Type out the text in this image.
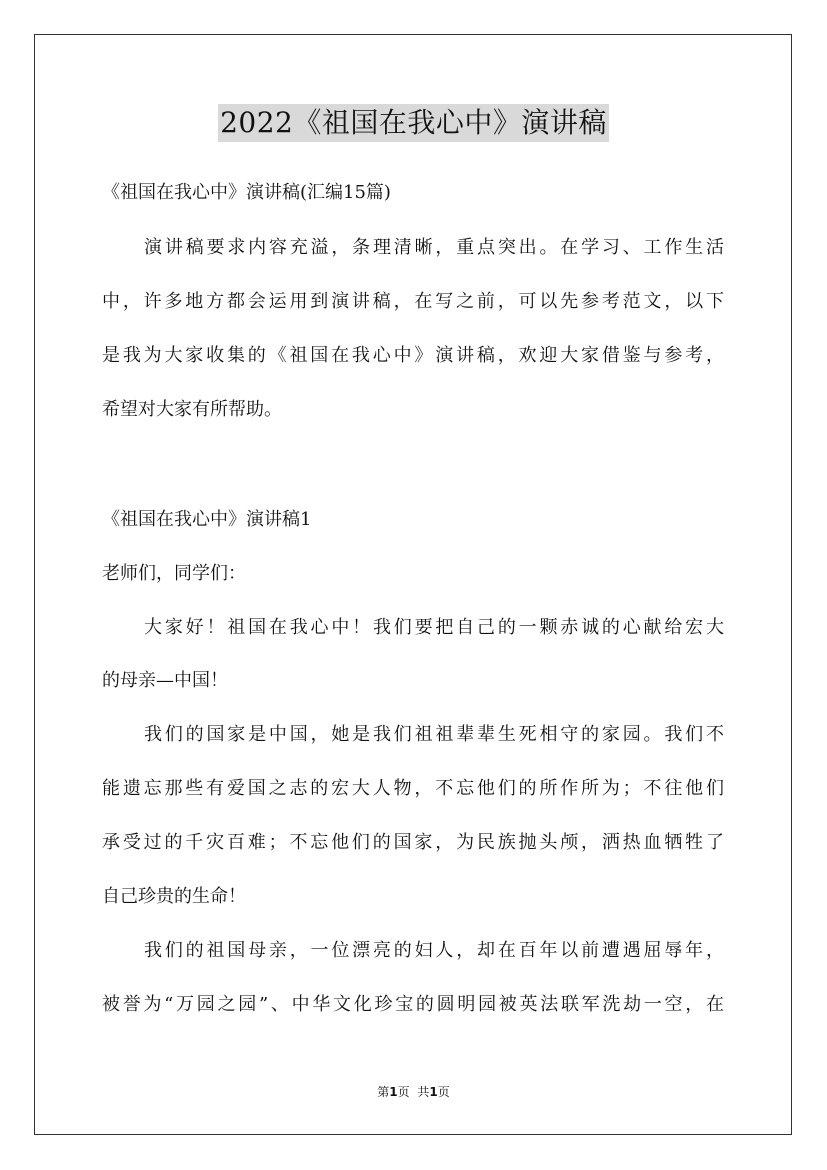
2022《祖国在我心中》演讲稿
《祖国在我心中》演讲稿(汇编15篇)
演讲稿要求内容充溢，条理清晰，重点突出。在学习、工作生活
中，许多地方都会运用到演讲稿，在写之前，可以先参考范文，以下
是我为大家收集的《祖国在我心中》演讲稿，欢迎大家借鉴与参考，
希望对大家有所帮助。
《祖国在我心中》演讲稿1
老师们，同学们：
大家好！祖国在我心中！我们要把自己的一颗赤诚的心献给宏大
的母亲—中国！
我们的国家是中国，她是我们祖祖辈辈生死相守的家园。我们不
能遗忘那些有爱国之志的宏大人物，不忘他们的所作所为；不往他们
承受过的千灾百难；不忘他们的国家，为民族抛头颅，洒热血牺牲了
自己珍贵的生命！
我们的祖国母亲，一位漂亮的妇人，却在百年以前遭遇屈辱年，
被誉为“万园之园”、中华文化珍宝的圆明园被英法联军洗劫一空，在
第1页 共1页
